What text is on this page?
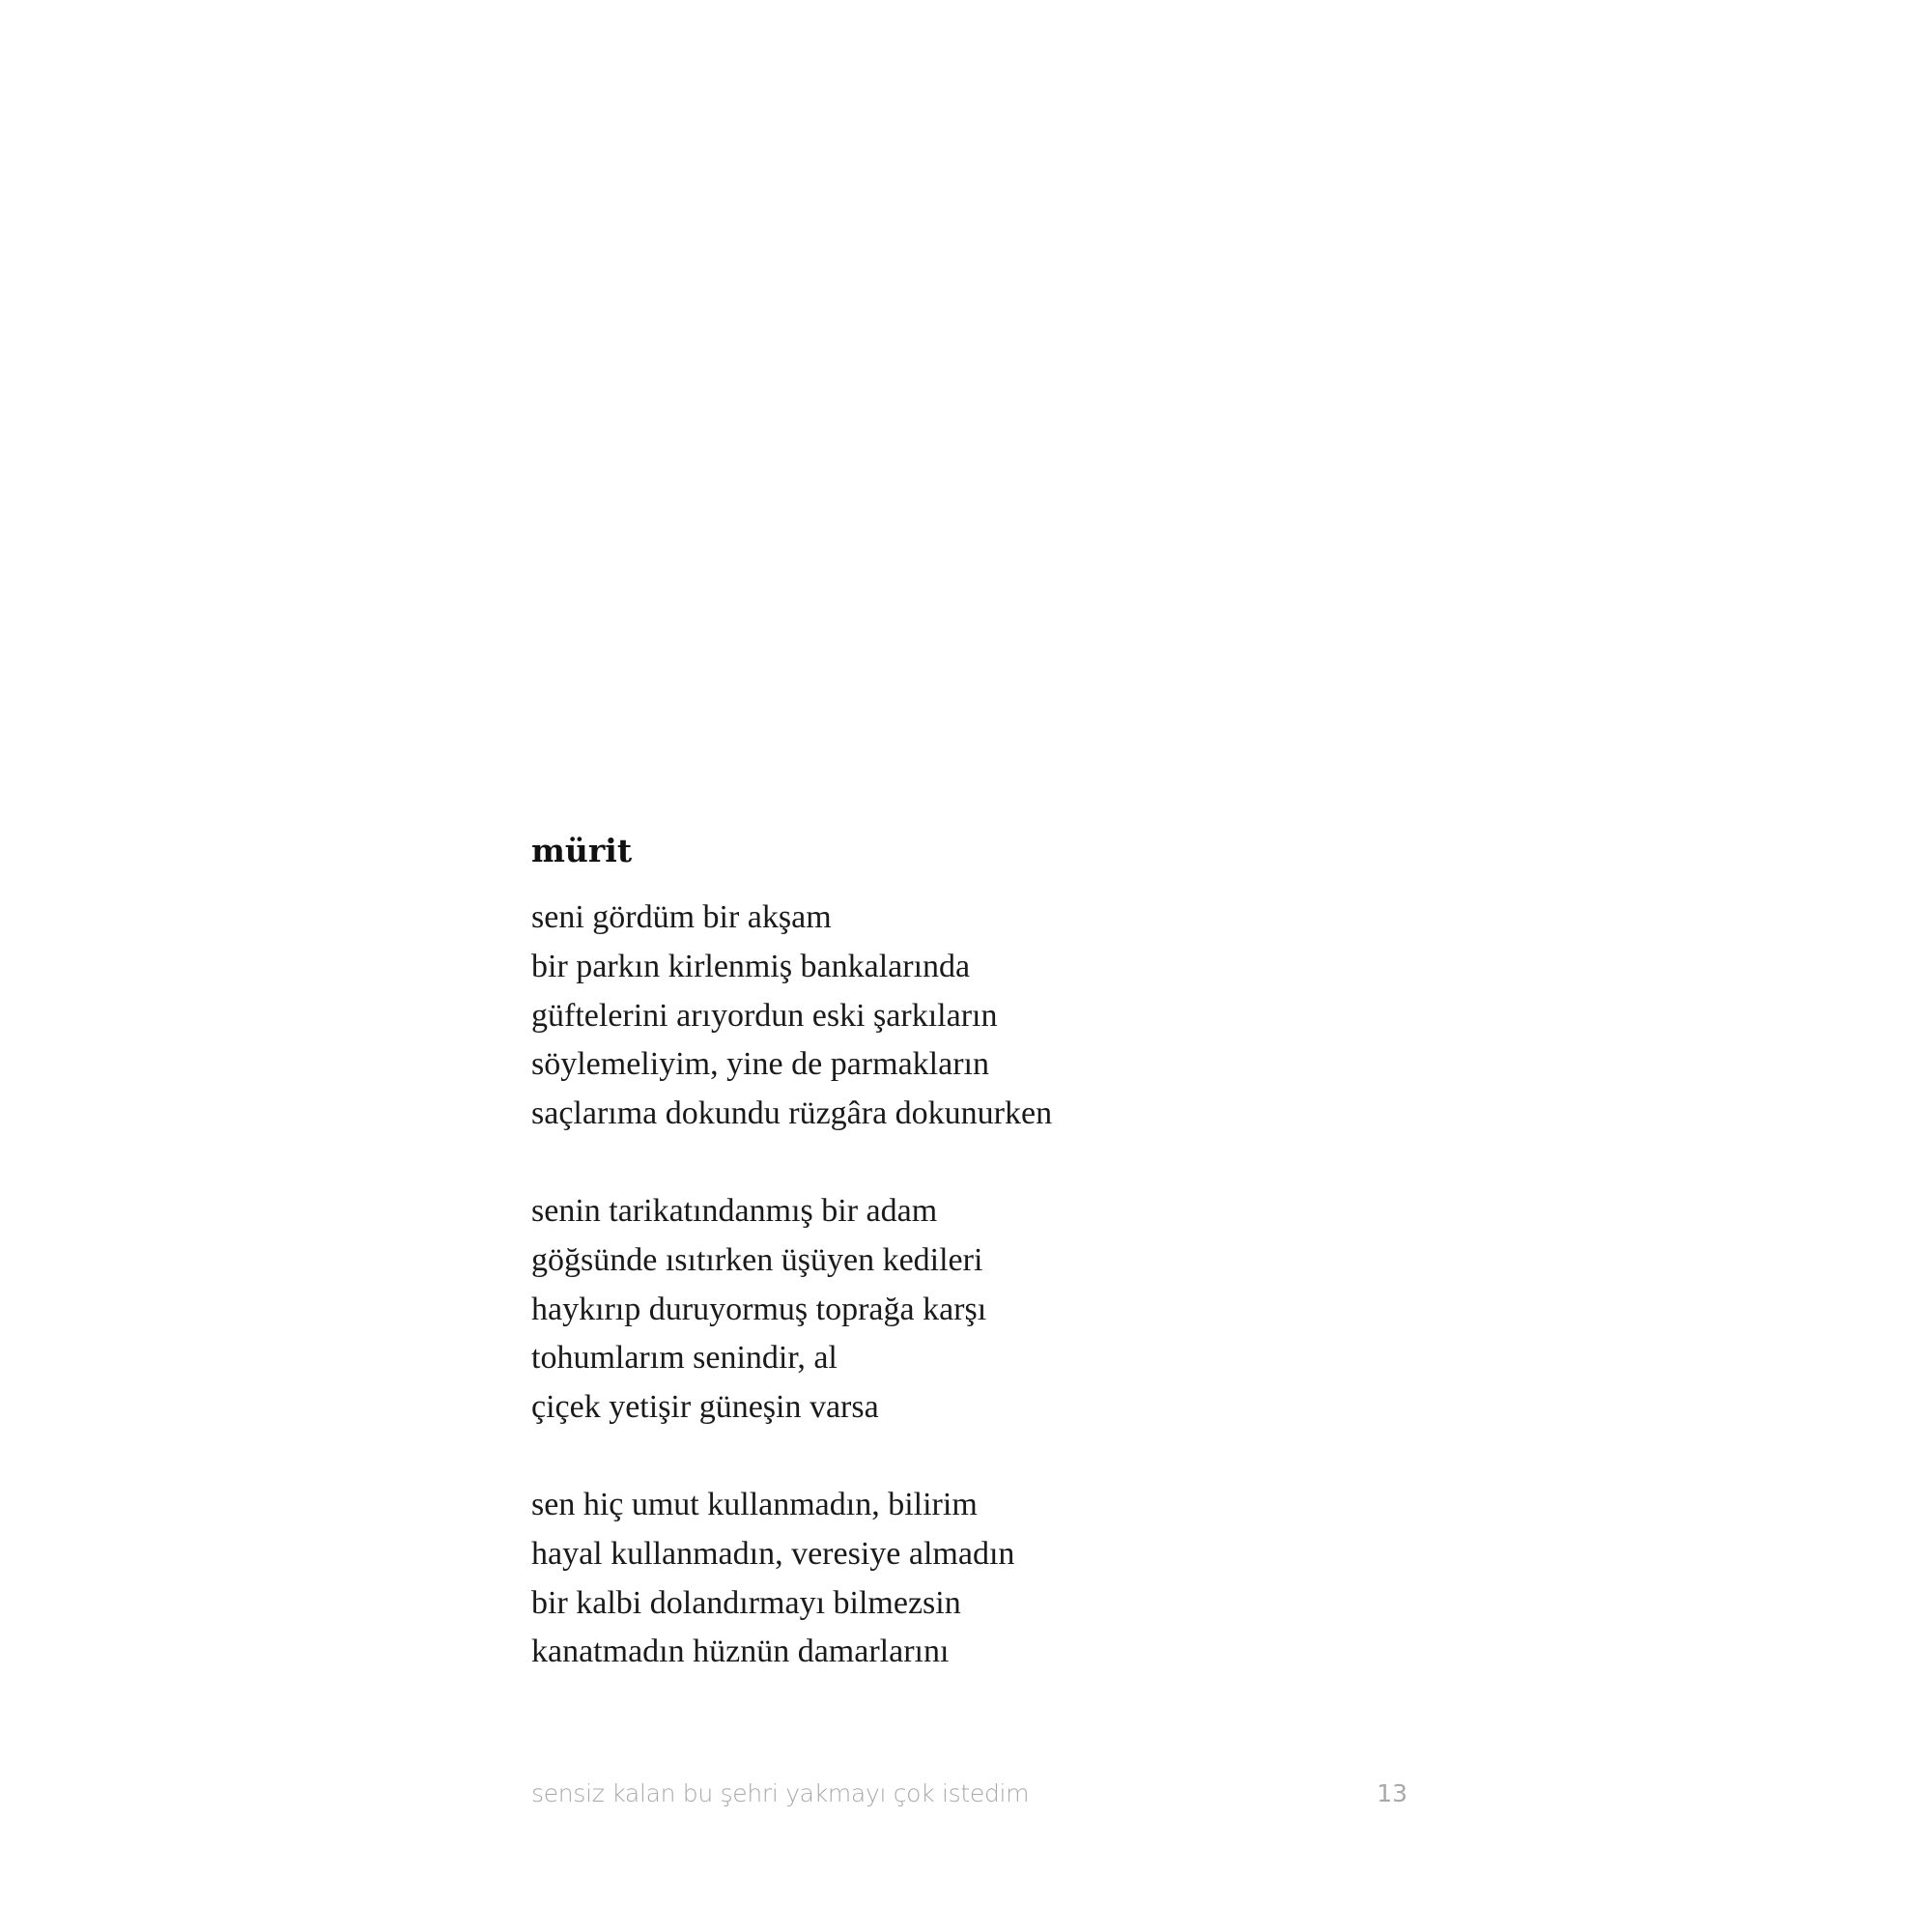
mürit
seni gördüm bir akşam
bir parkın kirlenmiş bankalarında
güftelerini arıyordun eski şarkıların
söylemeliyim, yine de parmakların
saçlarıma dokundu rüzgâra dokunurken
senin tarikatındanmış bir adam
göğsünde ısıtırken üşüyen kedileri
haykırıp duruyormuş toprağa karşı
tohumlarım senindir, al
çiçek yetişir güneşin varsa
sen hiç umut kullanmadın, bilirim
hayal kullanmadın, veresiye almadın
bir kalbi dolandırmayı bilmezsin
kanatmadın hüznün damarlarını
sensiz kalan bu şehri yakmayı çok istedim	13
